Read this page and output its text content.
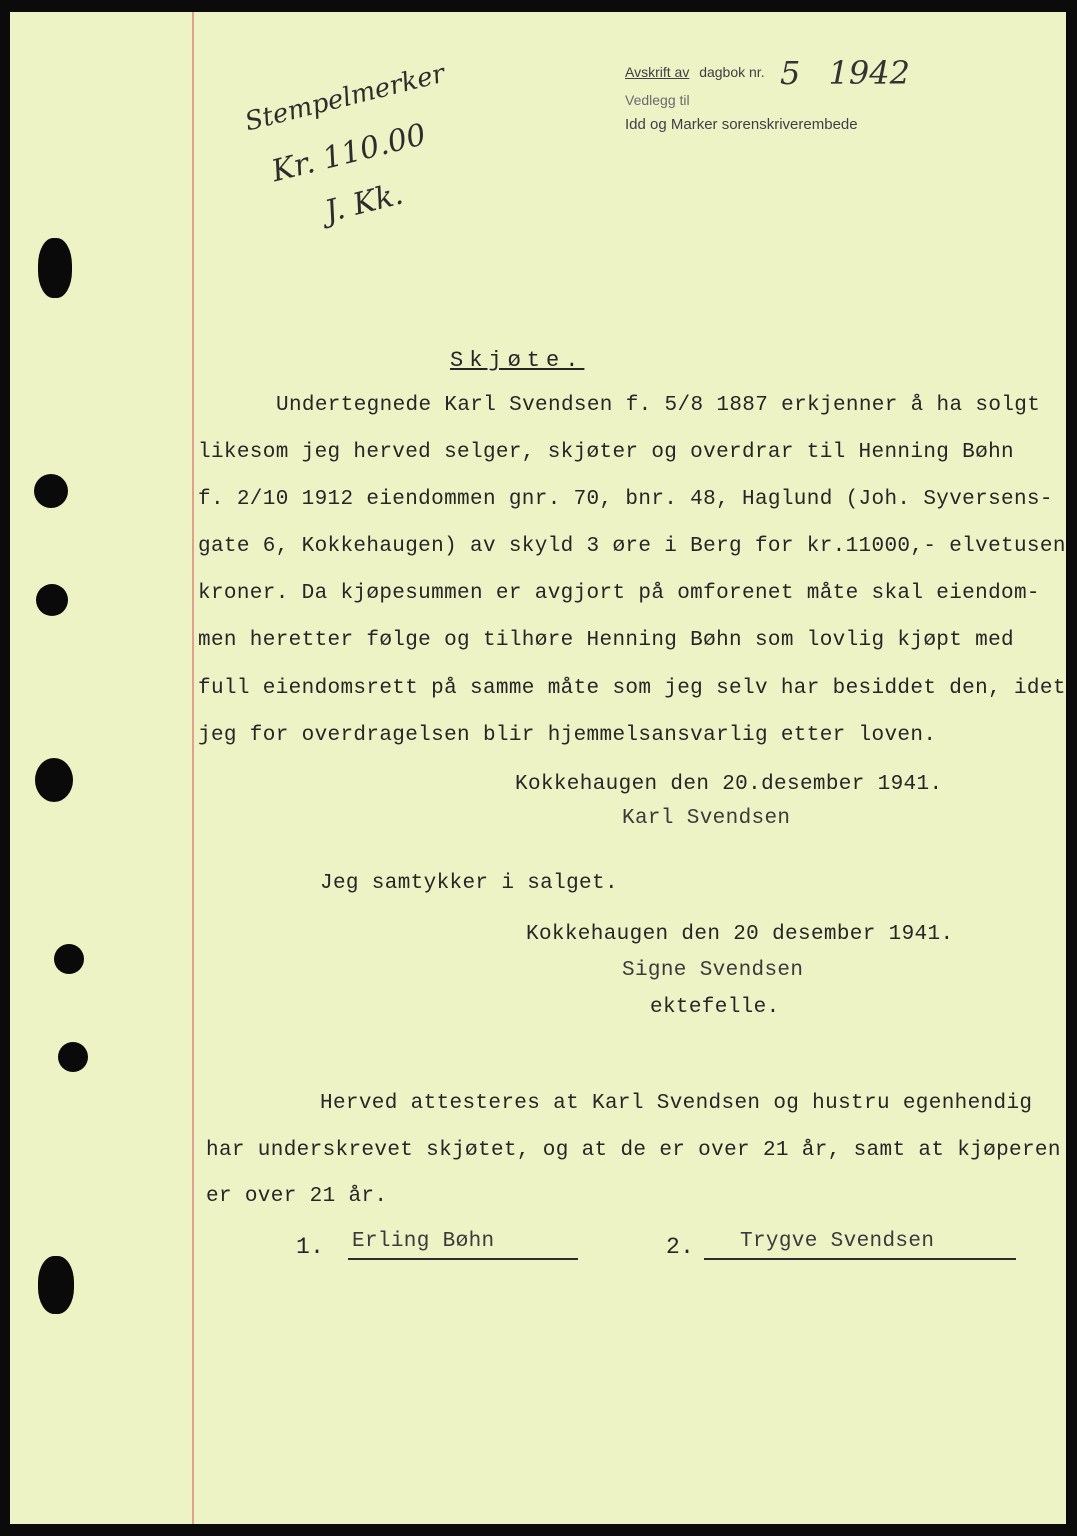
Avskrift av dagbok nr. 5 1942
Vedlegg til
Idd og Marker sorenskriverembede
Stempelmerker
Kr. 110.00
J. Kk.
Skjøte.
Undertegnede Karl Svendsen f. 5/8 1887 erkjenner å ha solgt
likesom jeg herved selger, skjøter og overdrar til Henning Bøhn
f. 2/10 1912 eiendommen gnr. 70, bnr. 48, Haglund (Joh. Syversens-
gate 6, Kokkehaugen) av skyld 3 øre i Berg for kr.11000,- elvetusen
kroner. Da kjøpesummen er avgjort på omforenet måte skal eiendom-
men heretter følge og tilhøre Henning Bøhn som lovlig kjøpt med
full eiendomsrett på samme måte som jeg selv har besiddet den, idet
jeg for overdragelsen blir hjemmelsansvarlig etter loven.
Kokkehaugen den 20.desember 1941.
Karl Svendsen
Jeg samtykker i salget.
Kokkehaugen den 20 desember 1941.
Signe Svendsen
ektefelle.
Herved attesteres at Karl Svendsen og hustru egenhendig
har underskrevet skjøtet, og at de er over 21 år, samt at kjøperen
er over 21 år.
1. Erling Bøhn	2. Trygve Svendsen
